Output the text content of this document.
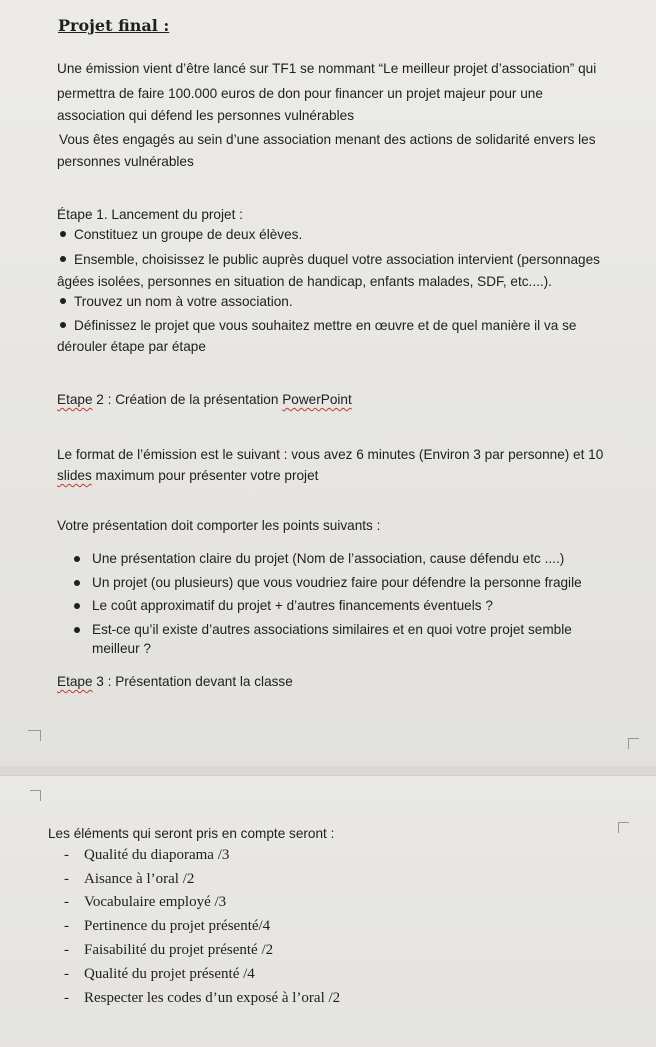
Projet final :
Une émission vient d’être lancé sur TF1 se nommant “Le meilleur projet d’association” qui
permettra de faire 100.000 euros de don pour financer un projet majeur pour une
association qui défend les personnes vulnérables
Vous êtes engagés au sein d’une association menant des actions de solidarité envers les
personnes vulnérables
Étape 1. Lancement du projet :
Constituez un groupe de deux élèves.
Ensemble, choisissez le public auprès duquel votre association intervient (personnages
âgées isolées, personnes en situation de handicap, enfants malades, SDF, etc....).
Trouvez un nom à votre association.
Définissez le projet que vous souhaitez mettre en œuvre et de quel manière il va se
dérouler étape par étape
Etape 2 : Création de la présentation PowerPoint
Le format de l’émission est le suivant : vous avez 6 minutes (Environ 3 par personne) et 10
slides maximum pour présenter votre projet
Votre présentation doit comporter les points suivants :
Une présentation claire du projet (Nom de l’association, cause défendu etc ....)
Un projet (ou plusieurs) que vous voudriez faire pour défendre la personne fragile
Le coût approximatif du projet + d’autres financements éventuels ?
Est-ce qu’il existe d’autres associations similaires et en quoi votre projet semble
meilleur ?
Etape 3 : Présentation devant la classe
Les éléments qui seront pris en compte seront :
- Qualité du diaporama /3
- Aisance à l’oral /2
- Vocabulaire employé /3
- Pertinence du projet présenté/4
- Faisabilité du projet présenté /2
- Qualité du projet présenté /4
- Respecter les codes d’un exposé à l’oral /2
